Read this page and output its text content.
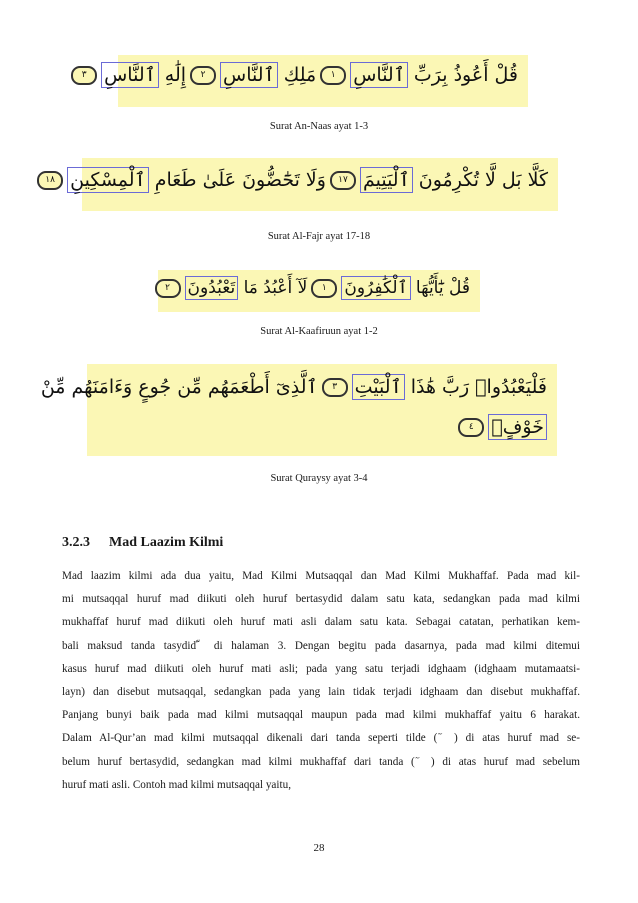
قُلْ أَعُوذُ بِرَبِّ ٱلنَّاسِ١مَلِكِ ٱلنَّاسِ٢إِلَٰهِ ٱلنَّاسِ٣
Surat An-Naas ayat 1-3
كَلَّا بَل لَّا تُكْرِمُونَ ٱلْيَتِيمَ١٧وَلَا تَحَٰٓضُّونَ عَلَىٰ طَعَامِ ٱلْمِسْكِينِ١٨
Surat Al-Fajr ayat 17-18
قُلْ يَٰٓأَيُّهَا ٱلْكَٰفِرُونَ١لَآ أَعْبُدُ مَا تَعْبُدُونَ٢
Surat Al-Kaafiruun ayat 1-2
فَلْيَعْبُدُوا۟ رَبَّ هَٰذَا ٱلْبَيْتِ٣ٱلَّذِىٓ أَطْعَمَهُم مِّن جُوعٍ وَءَامَنَهُم مِّنْ
خَوْفٍۭ٤
Surat Quraysy ayat 3-4
3.2.3 Mad Laazim Kilmi
Mad laazim kilmi ada dua yaitu, Mad Kilmi Mutsaqqal dan Mad Kilmi Mukhaffaf. Pada mad kil-
mi mutsaqqal huruf mad diikuti oleh huruf bertasydid dalam satu kata, sedangkan pada mad kilmi
mukhaffaf huruf mad diikuti oleh huruf mati asli dalam satu kata. Sebagai catatan, perhatikan kem-
bali maksud tanda tasydid ّ di halaman 3. Dengan begitu pada dasarnya, pada mad kilmi ditemui
kasus huruf mad diikuti oleh huruf mati asli; pada yang satu terjadi idghaam (idghaam mutamaatsi-
layn) dan disebut mutsaqqal, sedangkan pada yang lain tidak terjadi idghaam dan disebut mukhaffaf.
Panjang bunyi baik pada mad kilmi mutsaqqal maupun pada mad kilmi mukhaffaf yaitu 6 harakat.
Dalam Al-Qur’an mad kilmi mutsaqqal dikenali dari tanda seperti tilde ( ٓ ) di atas huruf mad se-
belum huruf bertasydid, sedangkan mad kilmi mukhaffaf dari tanda ( ٓ ) di atas huruf mad sebelum
huruf mati asli. Contoh mad kilmi mutsaqqal yaitu,
28
